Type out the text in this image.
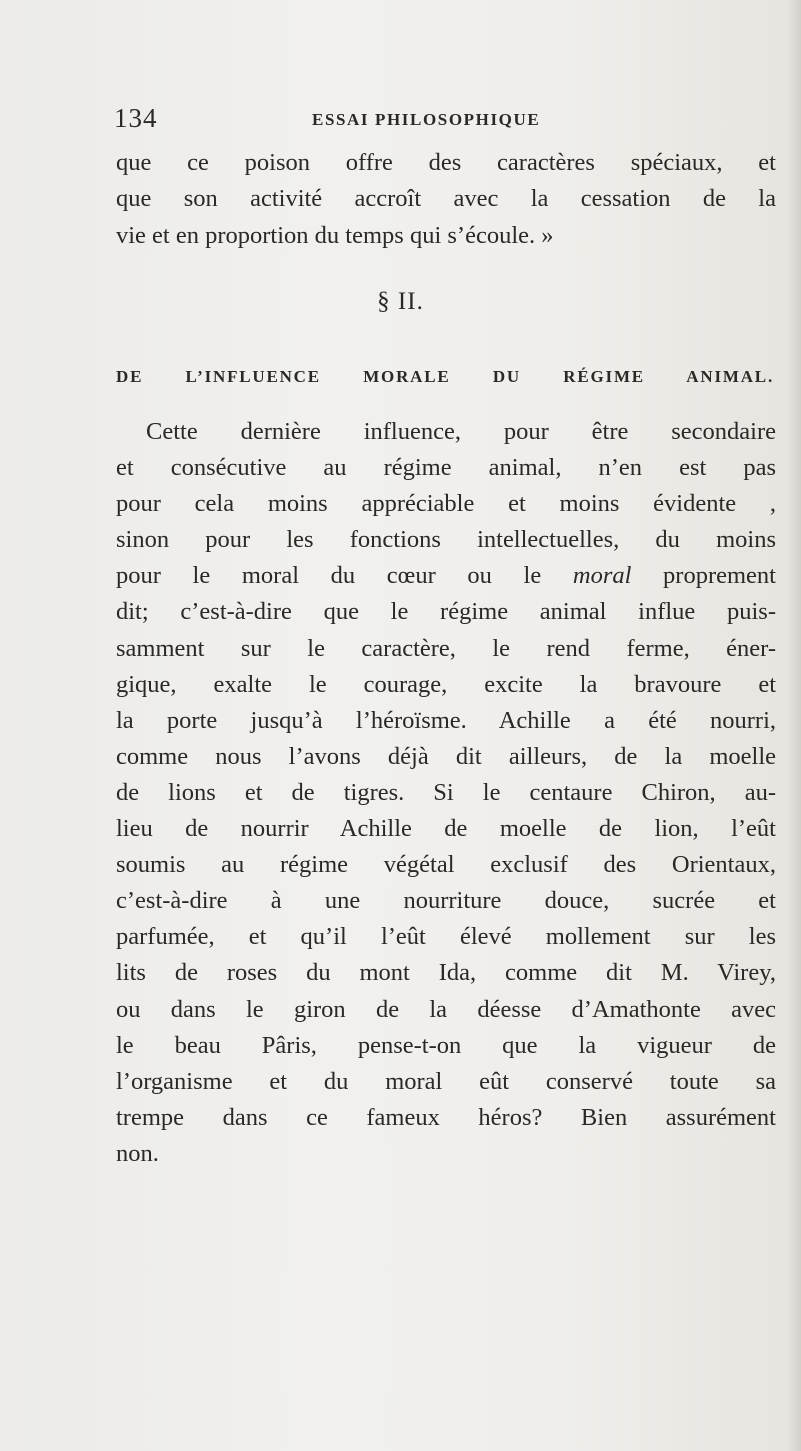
134	ESSAI PHILOSOPHIQUE
que ce poison offre des caractères spéciaux, et
que son activité accroît avec la cessation de la
vie et en proportion du temps qui s’écoule. »
§ II.
DE L’INFLUENCE MORALE DU RÉGIME ANIMAL.
Cette dernière influence, pour être secondaire
et consécutive au régime animal, n’en est pas
pour cela moins appréciable et moins évidente ,
sinon pour les fonctions intellectuelles, du moins
pour le moral du cœur ou le moral proprement
dit; c’est-à-dire que le régime animal influe puis-
samment sur le caractère, le rend ferme, éner-
gique, exalte le courage, excite la bravoure et
la porte jusqu’à l’héroïsme. Achille a été nourri,
comme nous l’avons déjà dit ailleurs, de la moelle
de lions et de tigres. Si le centaure Chiron, au-
lieu de nourrir Achille de moelle de lion, l’eût
soumis au régime végétal exclusif des Orientaux,
c’est-à-dire à une nourriture douce, sucrée et
parfumée, et qu’il l’eût élevé mollement sur les
lits de roses du mont Ida, comme dit M. Virey,
ou dans le giron de la déesse d’Amathonte avec
le beau Pâris, pense-t-on que la vigueur de
l’organisme et du moral eût conservé toute sa
trempe dans ce fameux héros? Bien assurément
non.
